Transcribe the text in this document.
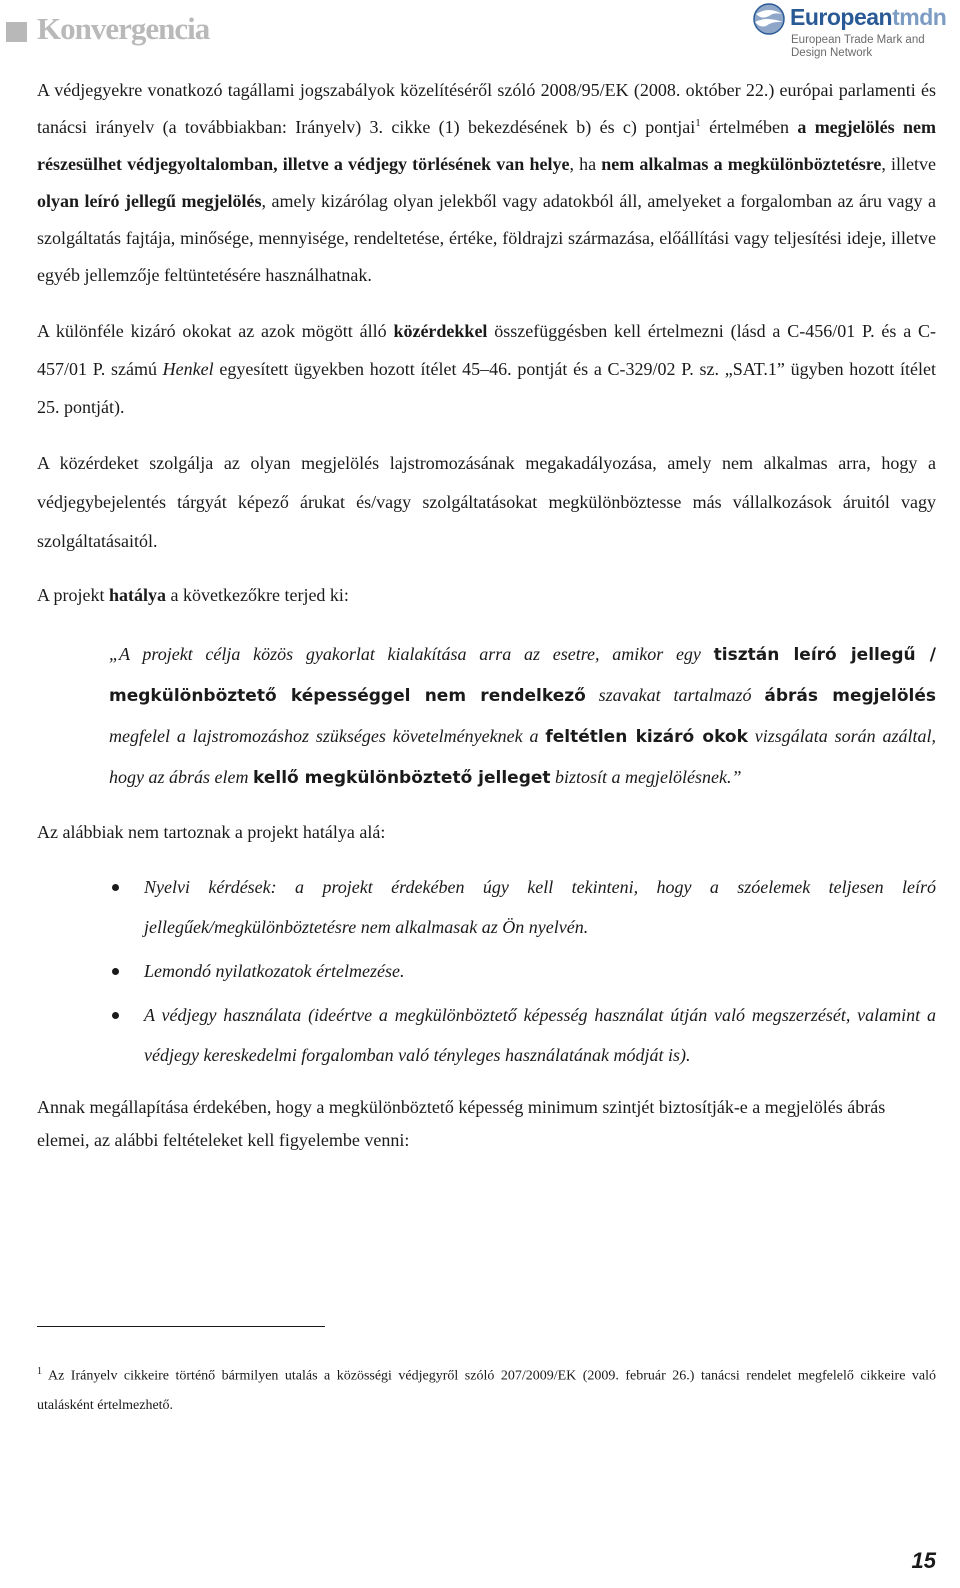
Konvergencia	Europeantmdn
European Trade Mark and
Design Network

A védjegyekre vonatkozó tagállami jogszabályok közelítéséről szóló 2008/95/EK (2008. október 22.) európai parlamenti és tanácsi irányelv (a továbbiakban: Irányelv) 3. cikke (1) bekezdésének b) és c) pontjai$^1$ értelmében a megjelölés nem részesülhet védjegyoltalomban, illetve a védjegy törlésének van helye, ha nem alkalmas a megkülönböztetésre, illetve olyan leíró jellegű megjelölés, amely kizárólag olyan jelekből vagy adatokból áll, amelyeket a forgalomban az áru vagy a szolgáltatás fajtája, minősége, mennyisége, rendeltetése, értéke, földrajzi származása, előállítási vagy teljesítési ideje, illetve egyéb jellemzője feltüntetésére használhatnak.

A különféle kizáró okokat az azok mögött álló közérdekkel összefüggésben kell értelmezni (lásd a C-456/01 P. és a C-457/01 P. számú Henkel egyesített ügyekben hozott ítélet 45–46. pontját és a C-329/02 P. sz. „SAT.1” ügyben hozott ítélet 25. pontját).

A közérdeket szolgálja az olyan megjelölés lajstromozásának megakadályozása, amely nem alkalmas arra, hogy a védjegybejelentés tárgyát képező árukat és/vagy szolgáltatásokat megkülönböztesse más vállalkozások áruitól vagy szolgáltatásaitól.

A projekt hatálya a következőkre terjed ki:

„A projekt célja közös gyakorlat kialakítása arra az esetre, amikor egy tisztán leíró jellegű / megkülönböztető képességgel nem rendelkező szavakat tartalmazó ábrás megjelölés megfelel a lajstromozáshoz szükséges követelményeknek a feltétlen kizáró okok vizsgálata során azáltal, hogy az ábrás elem kellő megkülönböztető jelleget biztosít a megjelölésnek.”

Az alábbiak nem tartoznak a projekt hatálya alá:

Nyelvi kérdések: a projekt érdekében úgy kell tekinteni, hogy a szóelemek teljesen leíró jellegűek/megkülönböztetésre nem alkalmasak az Ön nyelvén.
Lemondó nyilatkozatok értelmezése.
A védjegy használata (ideértve a megkülönböztető képesség használat útján való megszerzését, valamint a védjegy kereskedelmi forgalomban való tényleges használatának módját is).

Annak megállapítása érdekében, hogy a megkülönböztető képesség minimum szintjét biztosítják-e a megjelölés ábrás elemei, az alábbi feltételeket kell figyelembe venni:

$^1$ Az Irányelv cikkeire történő bármilyen utalás a közösségi védjegyről szóló 207/2009/EK (2009. február 26.) tanácsi rendelet megfelelő cikkeire való utalásként értelmezhető.
15
